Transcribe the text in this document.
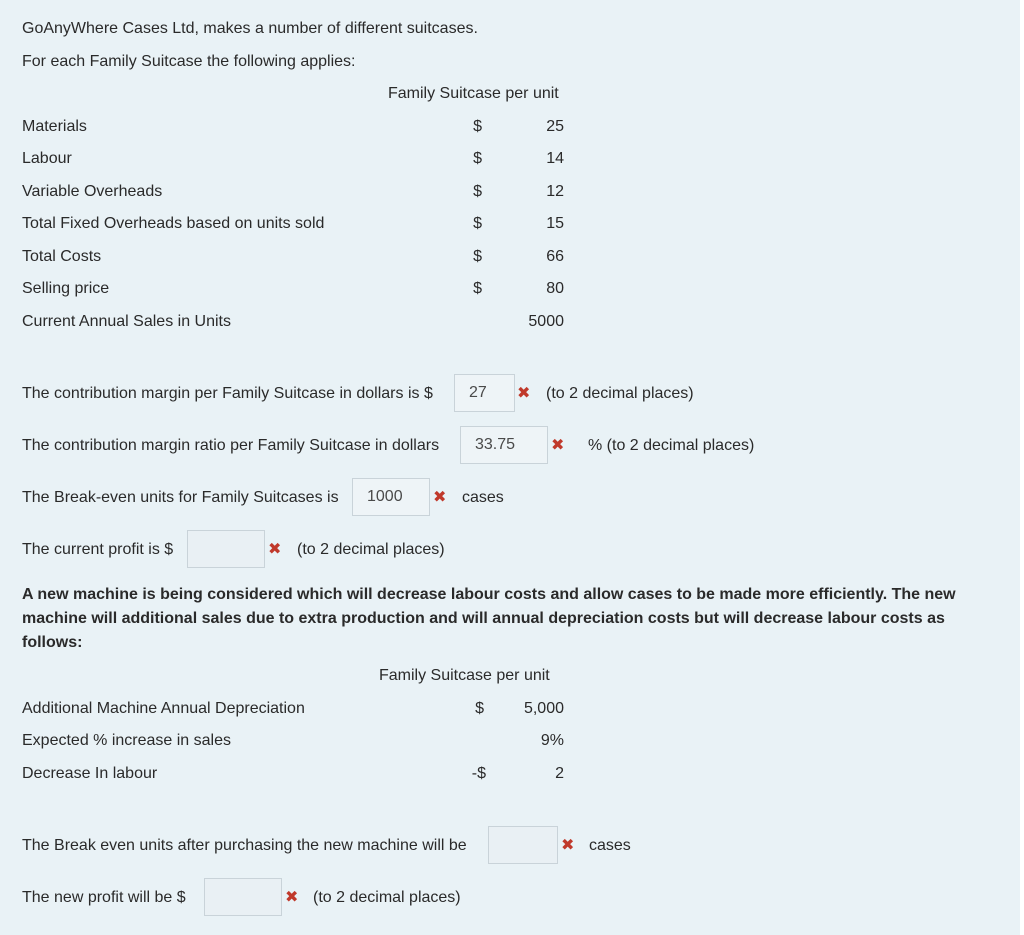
GoAnyWhere Cases Ltd, makes a number of different suitcases.
For each Family Suitcase the following applies:
Family Suitcase per unit
Materials	$	25
Labour	$	14
Variable Overheads	$	12
Total Fixed Overheads based on units sold	$	15
Total Costs	$	66
Selling price	$	80
Current Annual Sales in Units	5000
The contribution margin per Family Suitcase in dollars is $	27	✖ (to 2 decimal places)
The contribution margin ratio per Family Suitcase in dollars	33.75	✖ % (to 2 decimal places)
The Break-even units for Family Suitcases is	1000	✖ cases
The current profit is $	✖ (to 2 decimal places)
A new machine is being considered which will decrease labour costs and allow cases to be made more efficiently. The new
machine will additional sales due to extra production and will annual depreciation costs but will decrease labour costs as
follows:
Family Suitcase per unit
Additional Machine Annual Depreciation	$	5,000
Expected % increase in sales	9%
Decrease In labour	-$	2
The Break even units after purchasing the new machine will be	✖ cases
The new profit will be $	✖ (to 2 decimal places)
